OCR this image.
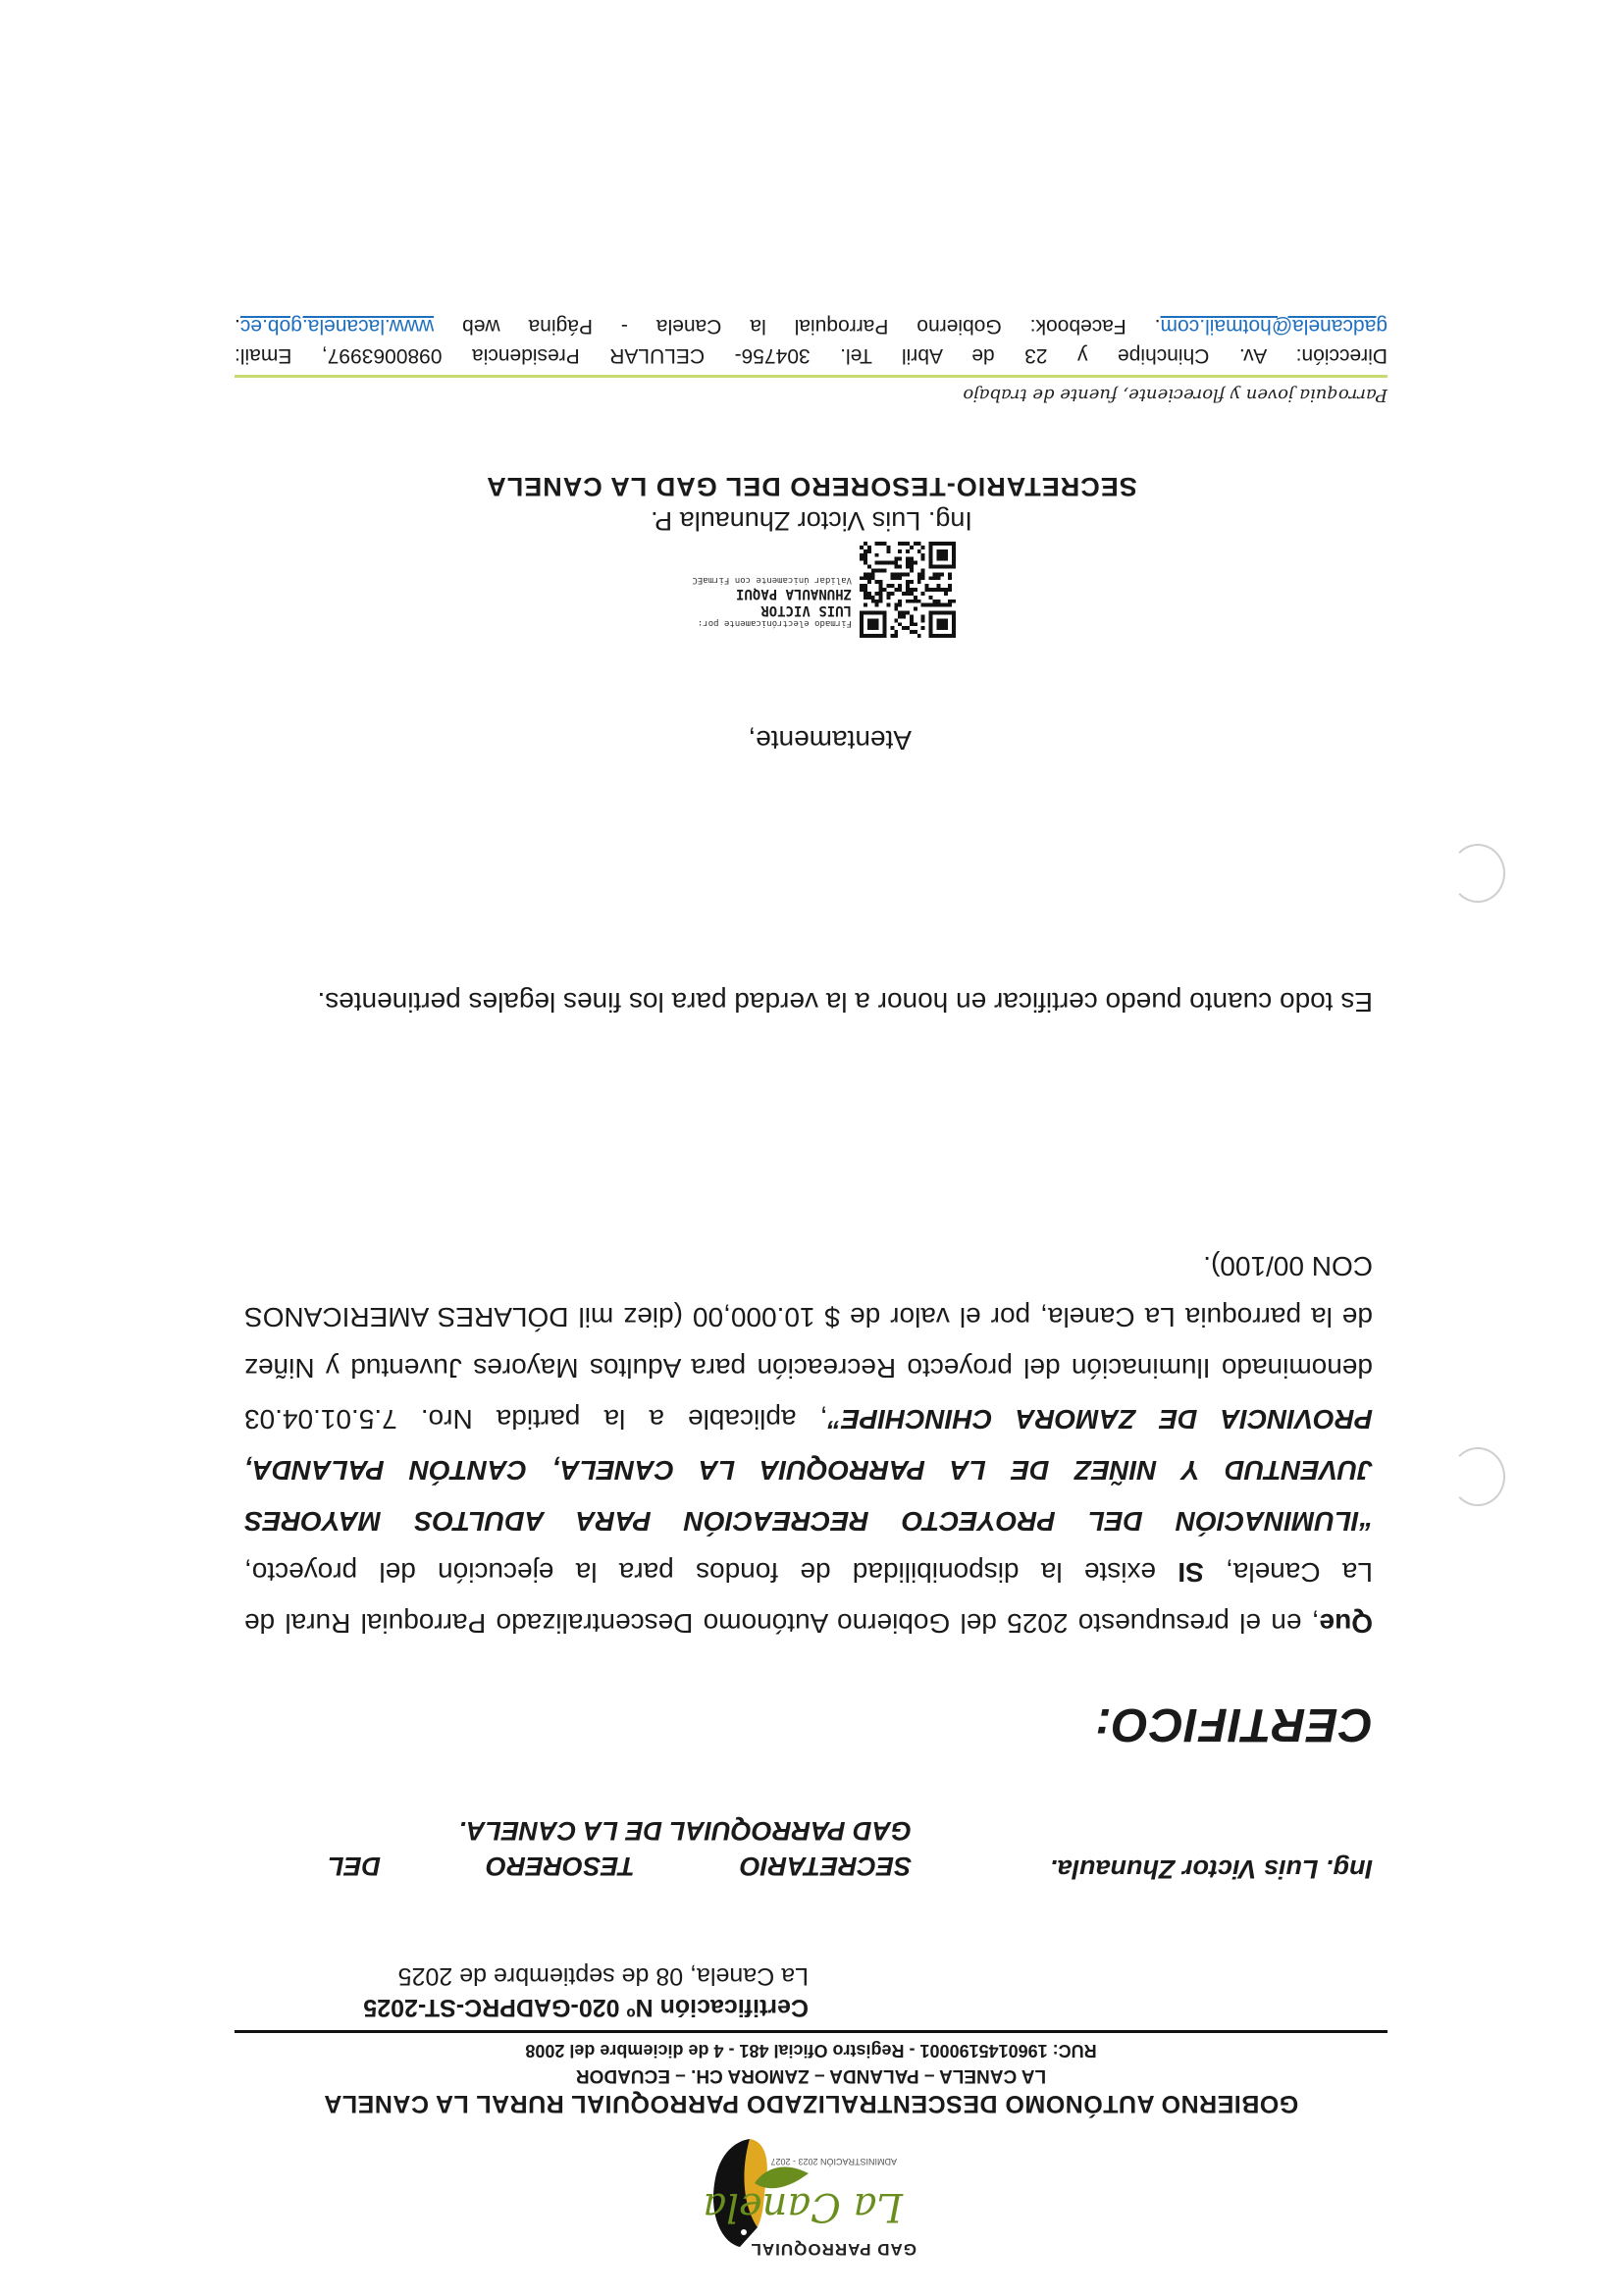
GAD PARROQUIAL
La Canela
ADMINISTRACIÓN 2023 - 2027
GOBIERNO AUTÓNOMO DESCENTRALIZADO PARROQUIAL RURAL LA CANELA
LA CANELA – PALANDA – ZAMORA CH. – ECUADOR
RUC: 1960145190001 - Registro Oficial 481 - 4 de diciembre del 2008
Certificación Nº 020-GADPRC-ST-2025
La Canela, 08 de septiembre de 2025
Ing. Luis Victor Zhunaula.
SECRETARIO
TESORERO
DEL
GAD PARROQUIAL DE LA CANELA.
CERTIFICO:

Que, en el presupuesto 2025 del Gobierno Autónomo Descentralizado Parroquial Rural de La Canela, SI existe la disponibilidad de fondos para la ejecución del proyecto, “ILUMINACIÓN DEL PROYECTO RECREACIÓN PARA ADULTOS MAYORES JUVENTUD Y NIÑEZ DE LA PARROQUIA LA CANELA, CANTÓN PALANDA, PROVINCIA DE ZAMORA CHINCHIPE”, aplicable a la partida Nro. 7.5.01.04.03 denominado Iluminación del proyecto Recreación para Adultos Mayores Juventud y Niñez de la parroquia La Canela, por el valor de $ 10.000,00 (diez mil DÓLARES AMERICANOS CON 00/100).

Es todo cuanto puedo certificar en honor a la verdad para los fines legales pertinentes.
Atentamente,
Firmado electrónicamente por:
LUIS VICTOR
ZHUNAULA PAQUI
Validar únicamente con FirmaEC
Ing. Luis Victor Zhunaula P.
SECRETARIO-TESORERO DEL GAD LA CANELA
Parroquia joven y floreciente, fuente de trabajo
Dirección: Av. Chinchipe y 23 de Abril Tel. 304756- CELULAR Presidencia 0980063997, Email:
gadcanela@hotmail.com. Facebook: Gobierno Parroquial la Canela - Página web www.lacanela.gob.ec.
